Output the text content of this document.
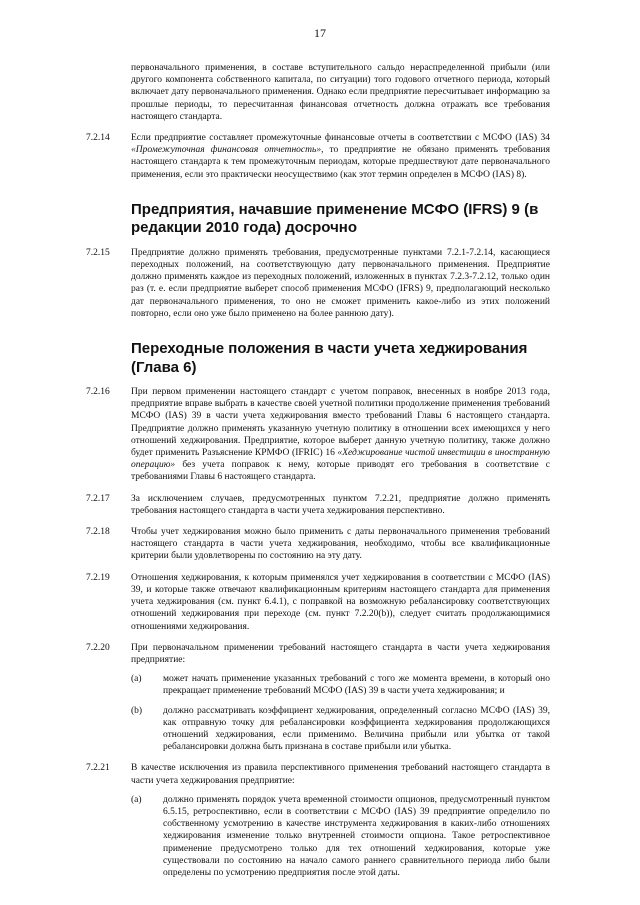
17
первоначального применения, в составе вступительного сальдо нераспределенной прибыли (или другого компонента собственного капитала, по ситуации) того годового отчетного периода, который включает дату первоначального применения. Однако если предприятие пересчитывает информацию за прошлые периоды, то пересчитанная финансовая отчетность должна отражать все требования настоящего стандарта.
7.2.14	Если предприятие составляет промежуточные финансовые отчеты в соответствии с МСФО (IAS) 34 «Промежуточная финансовая отчетность», то предприятие не обязано применять требования настоящего стандарта к тем промежуточным периодам, которые предшествуют дате первоначального применения, если это практически неосуществимо (как этот термин определен в МСФО (IAS) 8).
Предприятия, начавшие применение МСФО (IFRS) 9 (в редакции 2010 года) досрочно
7.2.15	Предприятие должно применять требования, предусмотренные пунктами 7.2.1-7.2.14, касающиеся переходных положений, на соответствующую дату первоначального применения. Предприятие должно применять каждое из переходных положений, изложенных в пунктах 7.2.3-7.2.12, только один раз (т. е. если предприятие выберет способ применения МСФО (IFRS) 9, предполагающий несколько дат первоначального применения, то оно не сможет применить какое-либо из этих положений повторно, если оно уже было применено на более раннюю дату).
Переходные положения в части учета хеджирования (Глава 6)
7.2.16	При первом применении настоящего стандарт с учетом поправок, внесенных в ноябре 2013 года, предприятие вправе выбрать в качестве своей учетной политики продолжение применения требований МСФО (IAS) 39 в части учета хеджирования вместо требований Главы 6 настоящего стандарта. Предприятие должно применять указанную учетную политику в отношении всех имеющихся у него отношений хеджирования. Предприятие, которое выберет данную учетную политику, также должно будет применить Разъяснение КРМФО (IFRIC) 16 «Хеджирование чистой инвестиции в иностранную операцию» без учета поправок к нему, которые приводят его требования в соответствие с требованиями Главы 6 настоящего стандарта.
7.2.17	За исключением случаев, предусмотренных пунктом 7.2.21, предприятие должно применять требования настоящего стандарта в части учета хеджирования перспективно.
7.2.18	Чтобы учет хеджирования можно было применить с даты первоначального применения требований настоящего стандарта в части учета хеджирования, необходимо, чтобы все квалификационные критерии были удовлетворены по состоянию на эту дату.
7.2.19	Отношения хеджирования, к которым применялся учет хеджирования в соответствии с МСФО (IAS) 39, и которые также отвечают квалификационным критериям настоящего стандарта для применения учета хеджирования (см. пункт 6.4.1), с поправкой на возможную ребалансировку соответствующих отношений хеджирования при переходе (см. пункт 7.2.20(b)), следует считать продолжающимися отношениями хеджирования.
7.2.20	При первоначальном применении требований настоящего стандарта в части учета хеджирования предприятие:
(a)	может начать применение указанных требований с того же момента времени, в который оно прекращает применение требований МСФО (IAS) 39 в части учета хеджирования; и
(b)	должно рассматривать коэффициент хеджирования, определенный согласно МСФО (IAS) 39, как отправную точку для ребалансировки коэффициента хеджирования продолжающихся отношений хеджирования, если применимо. Величина прибыли или убытка от такой ребалансировки должна быть признана в составе прибыли или убытка.
7.2.21	В качестве исключения из правила перспективного применения требований настоящего стандарта в части учета хеджирования предприятие:
(a)	должно применять порядок учета временной стоимости опционов, предусмотренный пунктом 6.5.15, ретроспективно, если в соответствии с МСФО (IAS) 39 предприятие определило по собственному усмотрению в качестве инструмента хеджирования в каких-либо отношениях хеджирования изменение только внутренней стоимости опциона. Такое ретроспективное применение предусмотрено только для тех отношений хеджирования, которые уже существовали по состоянию на начало самого раннего сравнительного периода либо были определены по усмотрению предприятия после этой даты.
